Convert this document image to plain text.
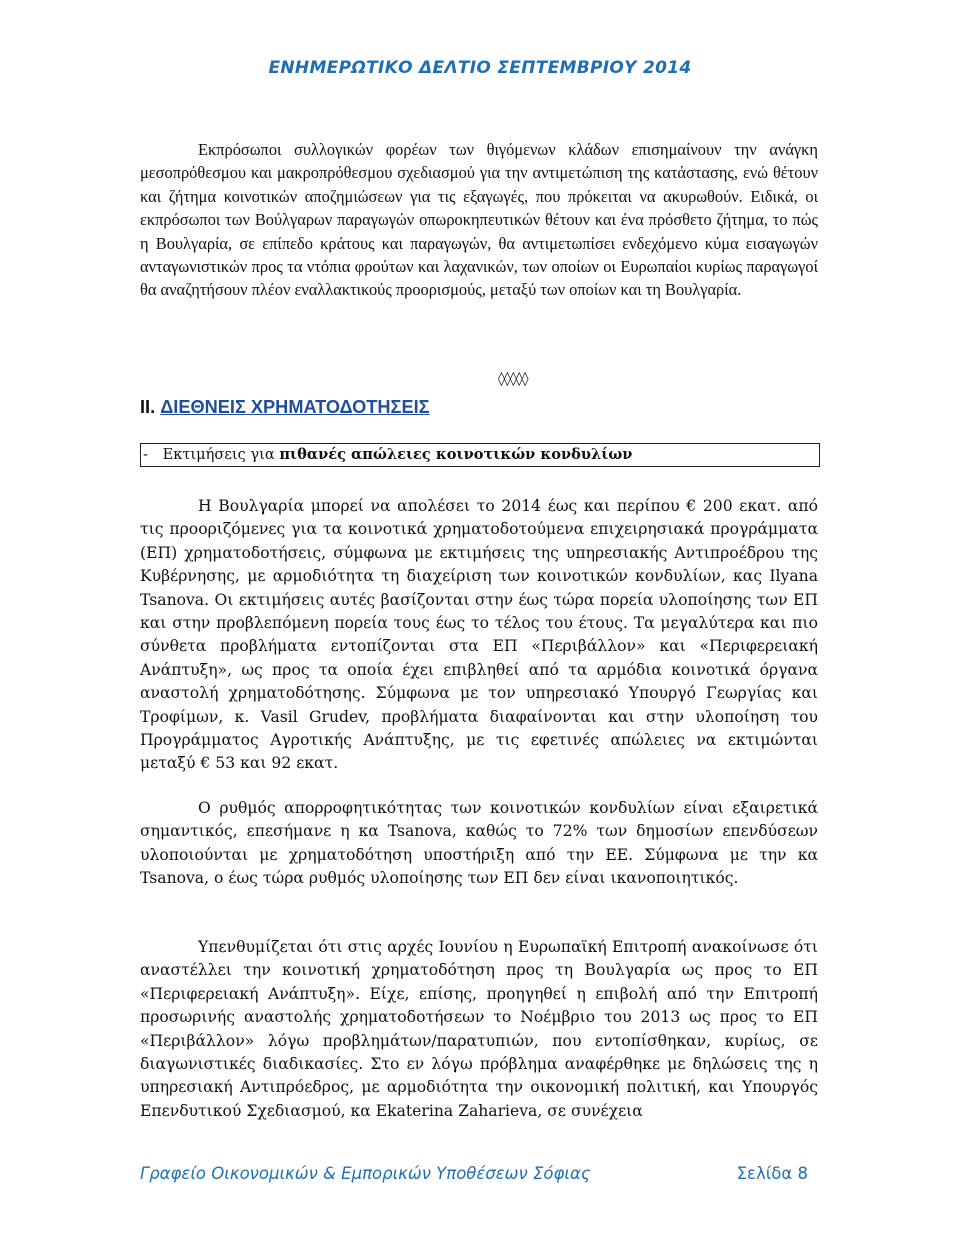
ΕΝΗΜΕΡΩΤΙΚΟ ΔΕΛΤΙΟ ΣΕΠΤΕΜΒΡΙΟΥ 2014
Εκπρόσωποι συλλογικών φορέων των θιγόμενων κλάδων επισημαίνουν την ανάγκη μεσοπρόθεσμου και μακροπρόθεσμου σχεδιασμού για την αντιμετώπιση της κατάστασης, ενώ θέτουν και ζήτημα κοινοτικών αποζημιώσεων για τις εξαγωγές, που πρόκειται να ακυρωθούν. Ειδικά, οι εκπρόσωποι των Βούλγαρων παραγωγών οπωροκηπευτικών θέτουν και ένα πρόσθετο ζήτημα, το πώς η Βουλγαρία, σε επίπεδο κράτους και παραγωγών, θα αντιμετωπίσει ενδεχόμενο κύμα εισαγωγών ανταγωνιστικών προς τα ντόπια φρούτων και λαχανικών, των οποίων οι Ευρωπαίοι κυρίως παραγωγοί θα αναζητήσουν πλέον εναλλακτικούς προορισμούς, μεταξύ των οποίων και τη Βουλγαρία.
◊◊◊◊◊
II. ΔΙΕΘΝΕΙΣ ΧΡΗΜΑΤΟΔΟΤΗΣΕΙΣ
- Εκτιμήσεις για πιθανές απώλειες κοινοτικών κονδυλίων
Η Βουλγαρία μπορεί να απολέσει το 2014 έως και περίπου € 200 εκατ. από τις προοριζόμενες για τα κοινοτικά χρηματοδοτούμενα επιχειρησιακά προγράμματα (ΕΠ) χρηματοδοτήσεις, σύμφωνα με εκτιμήσεις της υπηρεσιακής Αντιπροέδρου της Κυβέρνησης, με αρμοδιότητα τη διαχείριση των κοινοτικών κονδυλίων, κας Ilyana Tsanova. Οι εκτιμήσεις αυτές βασίζονται στην έως τώρα πορεία υλοποίησης των ΕΠ και στην προβλεπόμενη πορεία τους έως το τέλος του έτους. Τα μεγαλύτερα και πιο σύνθετα προβλήματα εντοπίζονται στα ΕΠ «Περιβάλλον» και «Περιφερειακή Ανάπτυξη», ως προς τα οποία έχει επιβληθεί από τα αρμόδια κοινοτικά όργανα αναστολή χρηματοδότησης. Σύμφωνα με τον υπηρεσιακό Υπουργό Γεωργίας και Τροφίμων, κ. Vasil Grudev, προβλήματα διαφαίνονται και στην υλοποίηση του Προγράμματος Αγροτικής Ανάπτυξης, με τις εφετινές απώλειες να εκτιμώνται μεταξύ € 53 και 92 εκατ.
Ο ρυθμός απορροφητικότητας των κοινοτικών κονδυλίων είναι εξαιρετικά σημαντικός, επεσήμανε η κα Tsanova, καθώς το 72% των δημοσίων επενδύσεων υλοποιούνται με χρηματοδότηση υποστήριξη από την ΕΕ. Σύμφωνα με την κα Tsanova, ο έως τώρα ρυθμός υλοποίησης των ΕΠ δεν είναι ικανοποιητικός.
Υπενθυμίζεται ότι στις αρχές Ιουνίου η Ευρωπαϊκή Επιτροπή ανακοίνωσε ότι αναστέλλει την κοινοτική χρηματοδότηση προς τη Βουλγαρία ως προς το ΕΠ «Περιφερειακή Ανάπτυξη». Είχε, επίσης, προηγηθεί η επιβολή από την Επιτροπή προσωρινής αναστολής χρηματοδοτήσεων το Νοέμβριο του 2013 ως προς το ΕΠ «Περιβάλλον» λόγω προβλημάτων/παρατυπιών, που εντοπίσθηκαν, κυρίως, σε διαγωνιστικές διαδικασίες. Στο εν λόγω πρόβλημα αναφέρθηκε με δηλώσεις της η υπηρεσιακή Αντιπρόεδρος, με αρμοδιότητα την οικονομική πολιτική, και Υπουργός Επενδυτικού Σχεδιασμού, κα Ekaterina Zaharieva, σε συνέχεια
Γραφείο Οικονομικών & Εμπορικών Υποθέσεων Σόφιας	Σελίδα 8
